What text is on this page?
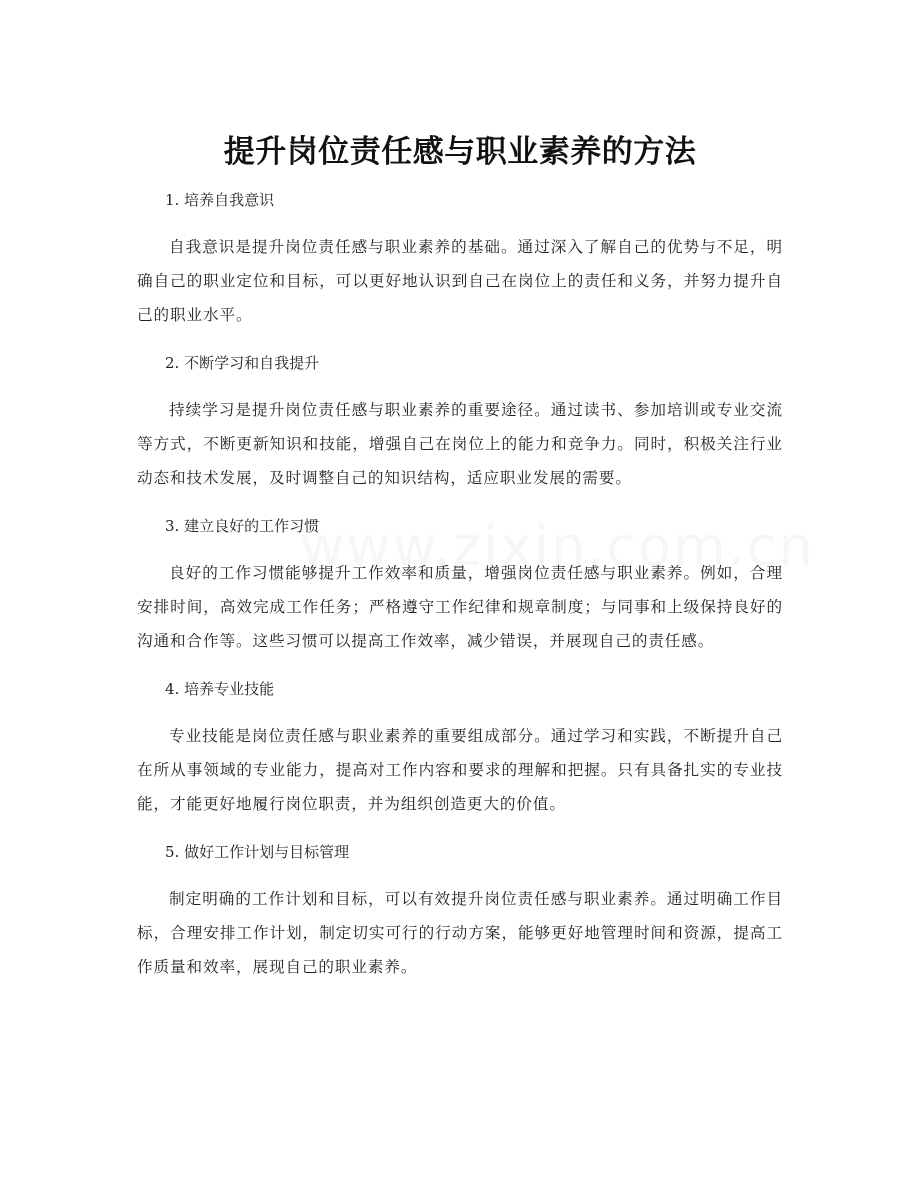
提升岗位责任感与职业素养的方法

1. 培养自我意识

自我意识是提升岗位责任感与职业素养的基础。通过深入了解自己的优势与不足，明确自己的职业定位和目标，可以更好地认识到自己在岗位上的责任和义务，并努力提升自己的职业水平。

2. 不断学习和自我提升

持续学习是提升岗位责任感与职业素养的重要途径。通过读书、参加培训或专业交流等方式，不断更新知识和技能，增强自己在岗位上的能力和竞争力。同时，积极关注行业动态和技术发展，及时调整自己的知识结构，适应职业发展的需要。

3. 建立良好的工作习惯

良好的工作习惯能够提升工作效率和质量，增强岗位责任感与职业素养。例如，合理安排时间，高效完成工作任务；严格遵守工作纪律和规章制度；与同事和上级保持良好的沟通和合作等。这些习惯可以提高工作效率，减少错误，并展现自己的责任感。

4. 培养专业技能

专业技能是岗位责任感与职业素养的重要组成部分。通过学习和实践，不断提升自己在所从事领域的专业能力，提高对工作内容和要求的理解和把握。只有具备扎实的专业技能，才能更好地履行岗位职责，并为组织创造更大的价值。

5. 做好工作计划与目标管理

制定明确的工作计划和目标，可以有效提升岗位责任感与职业素养。通过明确工作目标，合理安排工作计划，制定切实可行的行动方案，能够更好地管理时间和资源，提高工作质量和效率，展现自己的职业素养。
